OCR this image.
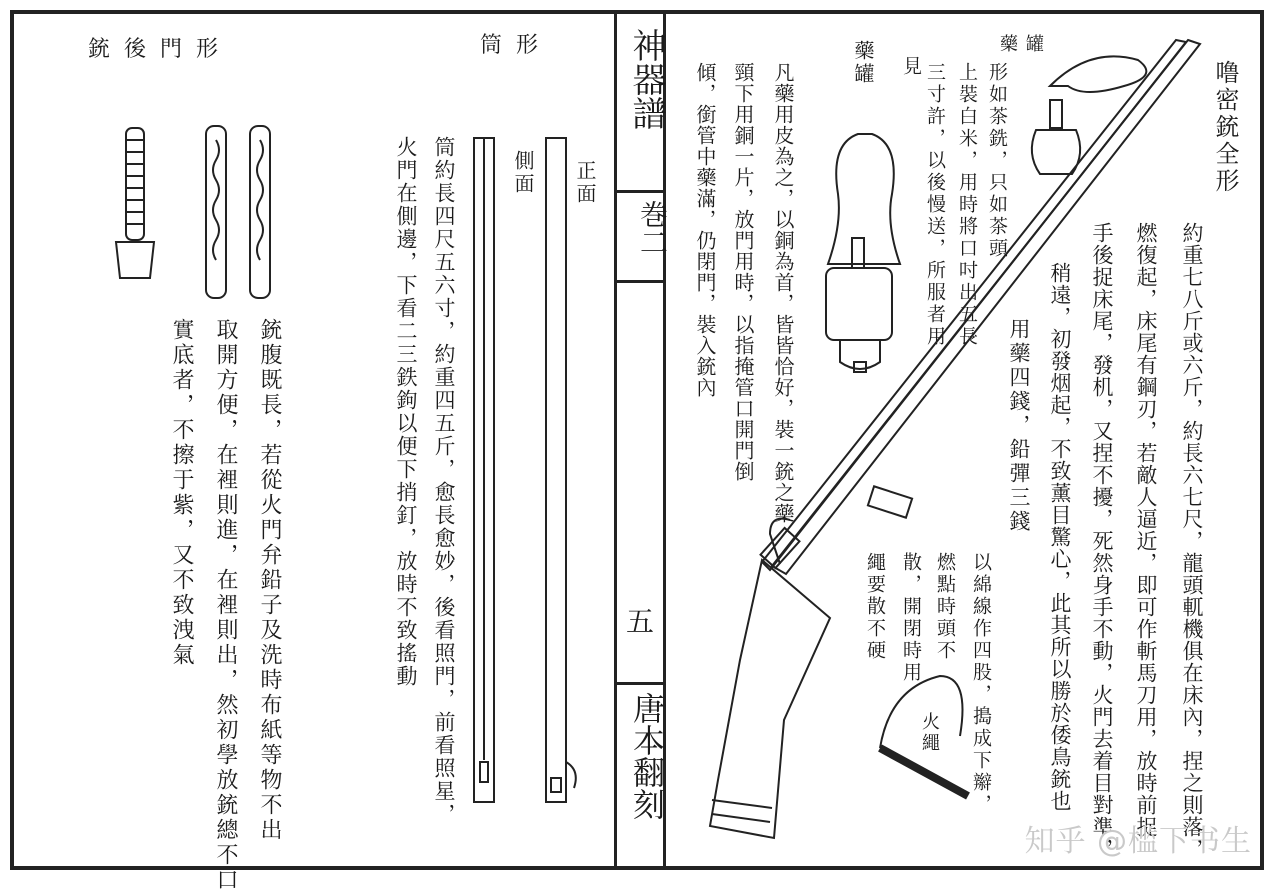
神器譜
巻二
五
唐本翻刻
銃後門形	筒形
正面
側面
銃腹既長，若從火門弁鉛子及洗時布紙等物不出
取開方便，在裡則進，在裡則出，然初學放銃總不口
實底者，不擦于紫，又不致洩氣	筒約長四尺五六寸，約重四五斤，愈長愈妙，後看照門，前看照星，
火門在側邊，下看二三鉄鉤以便下捎釘，放時不致搖動
噜密銃全形
約重七八斤或六斤，約長六七尺，龍頭軏機俱在床內，捏之則落，
燃復起，床尾有鋼刃，若敵人逼近，即可作斬馬刀用，放時前捉
手後捉床尾，發机，又捏不擾，死然身手不動，火門去着目對準，
稍遠，初發烟起，不致薰目驚心，此其所以勝於倭鳥銃也
用藥四錢，鉛彈三錢
凡藥用皮為之，以銅為首，皆皆恰好，裝一銃之藥
頸下用銅一片，放門用時，以指掩管口開門倒
傾，銜管中藥滿，仍閉門，裝入銃內	藥罐	藥罐
形如茶銑，只如茶頭
上裝白米，用時將口吋出五長
三寸許，以後慢送，所服者用
見
以綿線作四股，搗成下辮，
燃點時頭不
散，開閉時用
繩要散不硬
火繩
知乎 @槛下书生
